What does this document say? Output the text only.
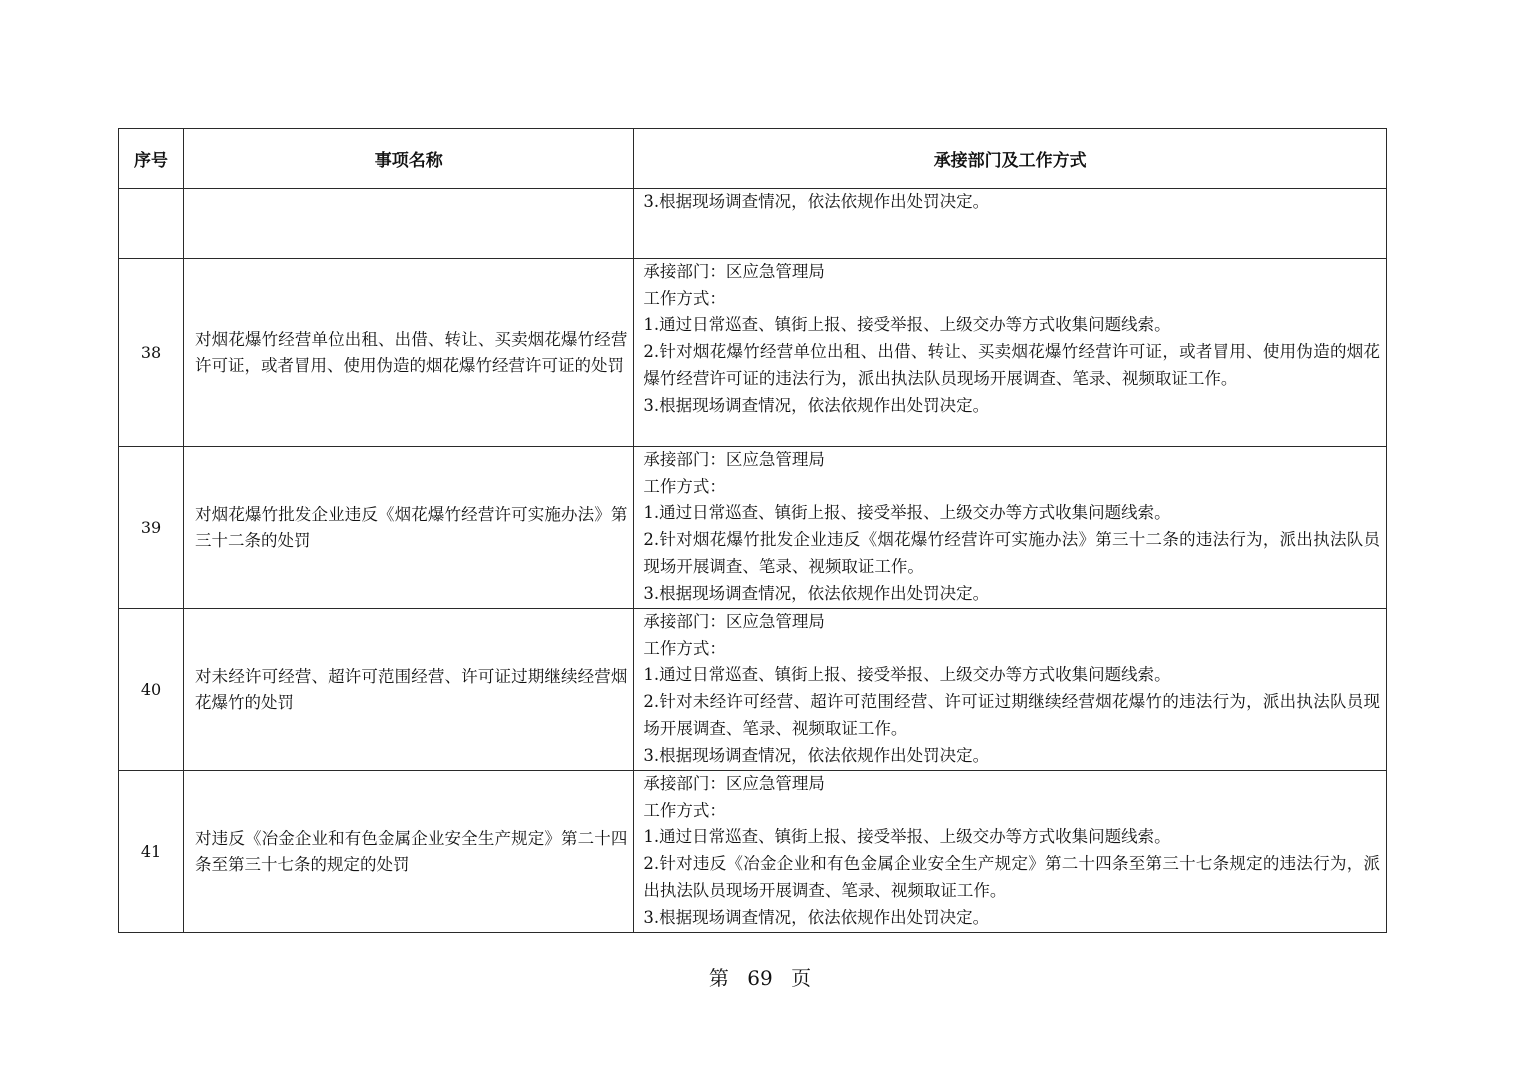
序号	事项名称	承接部门及工作方式

		3.根据现场调查情况，依法依规作出处罚决定。

38	对烟花爆竹经营单位出租、出借、转让、买卖烟花爆竹经营许可证，或者冒用、使用伪造的烟花爆竹经营许可证的处罚	承接部门：区应急管理局
工作方式：
1.通过日常巡查、镇街上报、接受举报、上级交办等方式收集问题线索。
2.针对烟花爆竹经营单位出租、出借、转让、买卖烟花爆竹经营许可证，或者冒用、使用伪造的烟花爆竹经营许可证的违法行为，派出执法队员现场开展调查、笔录、视频取证工作。
3.根据现场调查情况，依法依规作出处罚决定。

39	对烟花爆竹批发企业违反《烟花爆竹经营许可实施办法》第三十二条的处罚	承接部门：区应急管理局
工作方式：
1.通过日常巡查、镇街上报、接受举报、上级交办等方式收集问题线索。
2.针对烟花爆竹批发企业违反《烟花爆竹经营许可实施办法》第三十二条的违法行为，派出执法队员现场开展调查、笔录、视频取证工作。
3.根据现场调查情况，依法依规作出处罚决定。

40	对未经许可经营、超许可范围经营、许可证过期继续经营烟花爆竹的处罚	承接部门：区应急管理局
工作方式：
1.通过日常巡查、镇街上报、接受举报、上级交办等方式收集问题线索。
2.针对未经许可经营、超许可范围经营、许可证过期继续经营烟花爆竹的违法行为，派出执法队员现场开展调查、笔录、视频取证工作。
3.根据现场调查情况，依法依规作出处罚决定。

41	对违反《冶金企业和有色金属企业安全生产规定》第二十四条至第三十七条的规定的处罚	承接部门：区应急管理局
工作方式：
1.通过日常巡查、镇街上报、接受举报、上级交办等方式收集问题线索。
2.针对违反《冶金企业和有色金属企业安全生产规定》第二十四条至第三十七条规定的违法行为，派出执法队员现场开展调查、笔录、视频取证工作。
3.根据现场调查情况，依法依规作出处罚决定。
第 69 页
